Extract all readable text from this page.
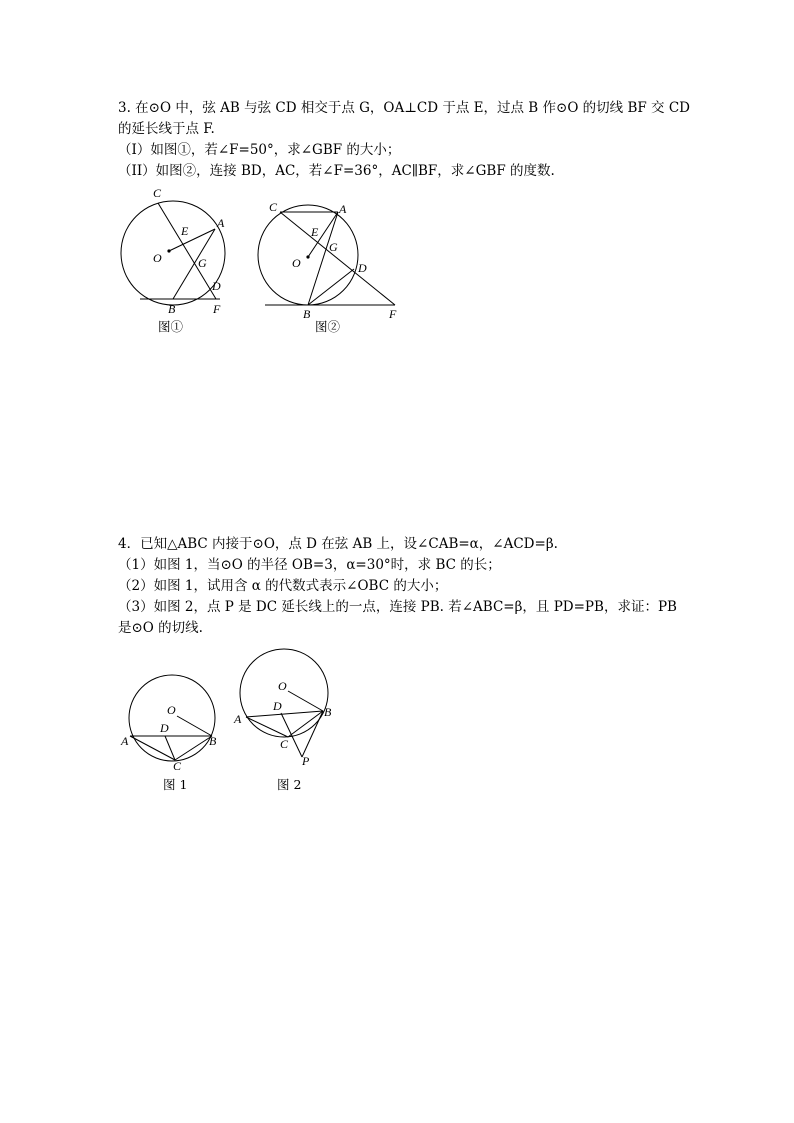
3. 在⊙O 中，弦 AB 与弦 CD 相交于点 G，OA⊥CD 于点 E，过点 B 作⊙O 的切线 BF 交 CD
的延长线于点 F.
（I）如图①，若∠F=50°，求∠GBF 的大小；
（II）如图②，连接 BD，AC，若∠F=36°，AC∥BF，求∠GBF 的度数.
C
A
E
O	G
D
B	F
图①
C	A
E
G
O	D
B	F
图②
4．已知△ABC 内接于⊙O，点 D 在弦 AB 上，设∠CAB=α，∠ACD=β.
（1）如图 1，当⊙O 的半径 OB=3，α=30°时，求 BC 的长；
（2）如图 1，试用含 α 的代数式表示∠OBC 的大小；
（3）如图 2，点 P 是 DC 延长线上的一点，连接 PB. 若∠ABC=β，且 PD=PB，求证：PB
是⊙O 的切线.
O
D
A	B
C
图 1
O
D
A	B
C
P
图 2
